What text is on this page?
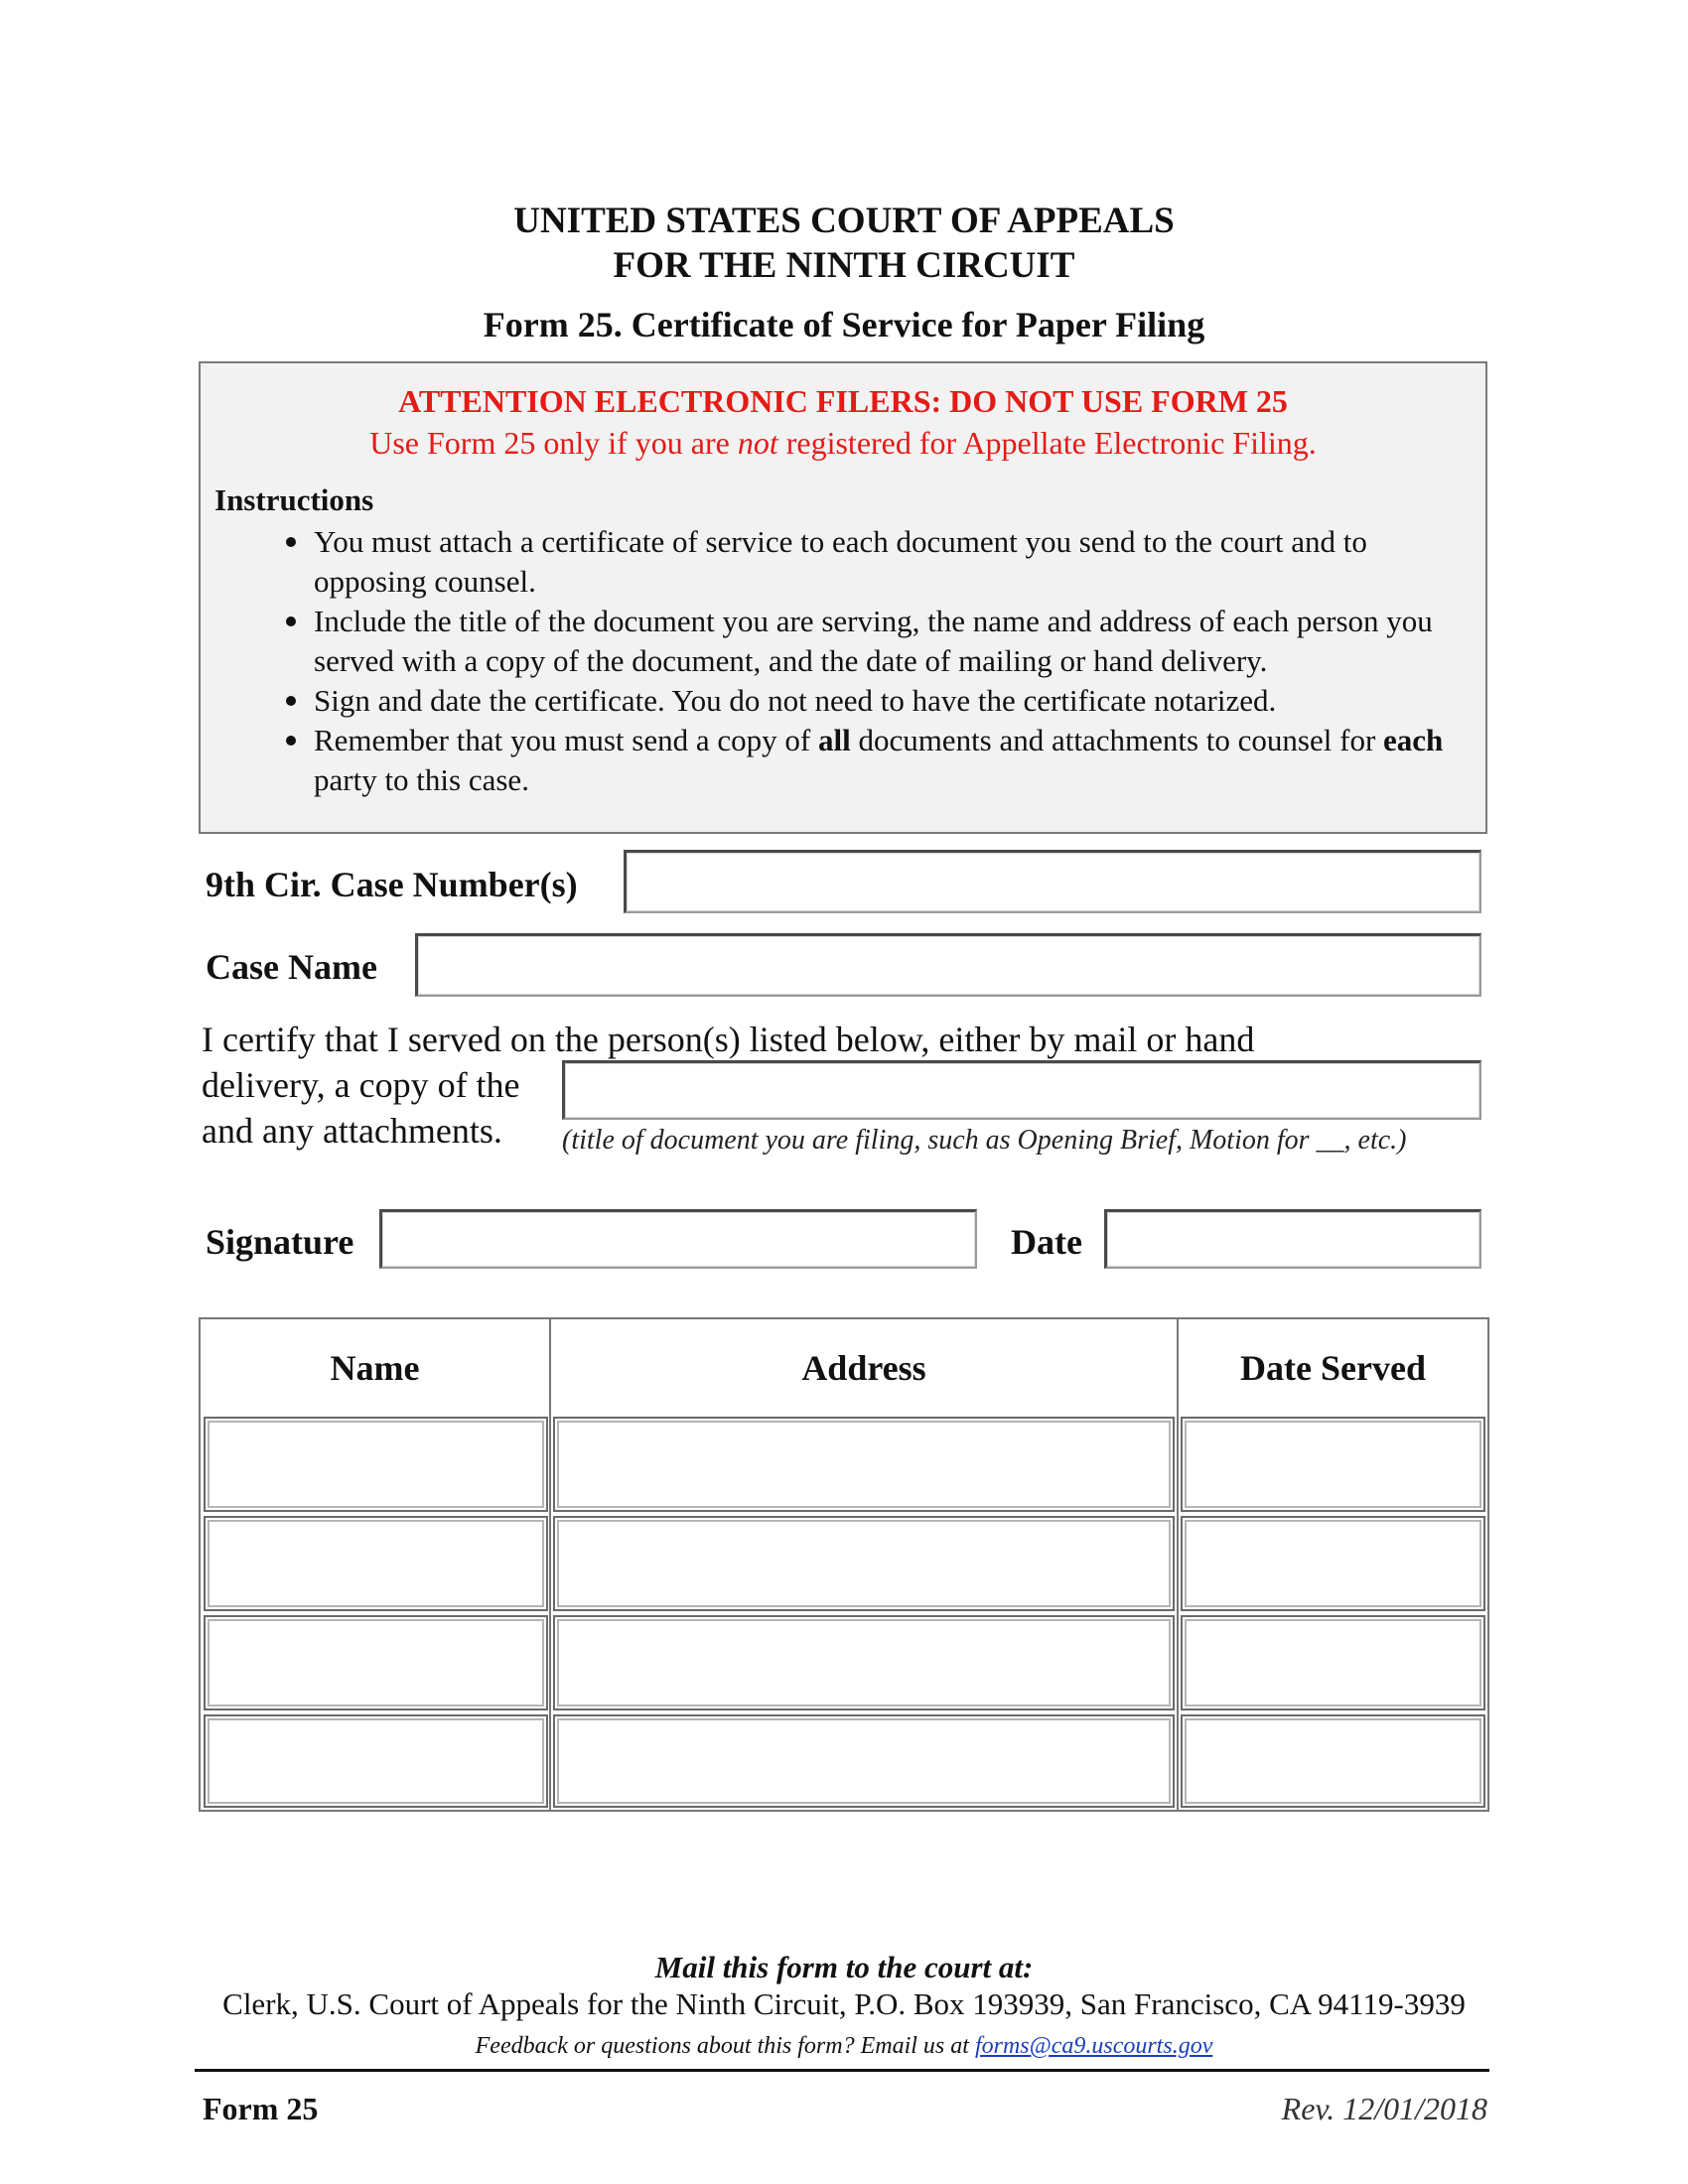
UNITED STATES COURT OF APPEALS
FOR THE NINTH CIRCUIT
Form 25. Certificate of Service for Paper Filing
ATTENTION ELECTRONIC FILERS: DO NOT USE FORM 25
Use Form 25 only if you are not registered for Appellate Electronic Filing.
Instructions
You must attach a certificate of service to each document you send to the court and to opposing counsel.
Include the title of the document you are serving, the name and address of each person you served with a copy of the document, and the date of mailing or hand delivery.
Sign and date the certificate. You do not need to have the certificate notarized.
Remember that you must send a copy of all documents and attachments to counsel for each party to this case.
9th Cir. Case Number(s)
Case Name
I certify that I served on the person(s) listed below, either by mail or hand
delivery, a copy of the
and any attachments. (title of document you are filing, such as Opening Brief, Motion for __, etc.)
Signature	Date
Name	Address	Date Served
Mail this form to the court at:
Clerk, U.S. Court of Appeals for the Ninth Circuit, P.O. Box 193939, San Francisco, CA 94119-3939
Feedback or questions about this form? Email us at forms@ca9.uscourts.gov
Form 25	Rev. 12/01/2018
